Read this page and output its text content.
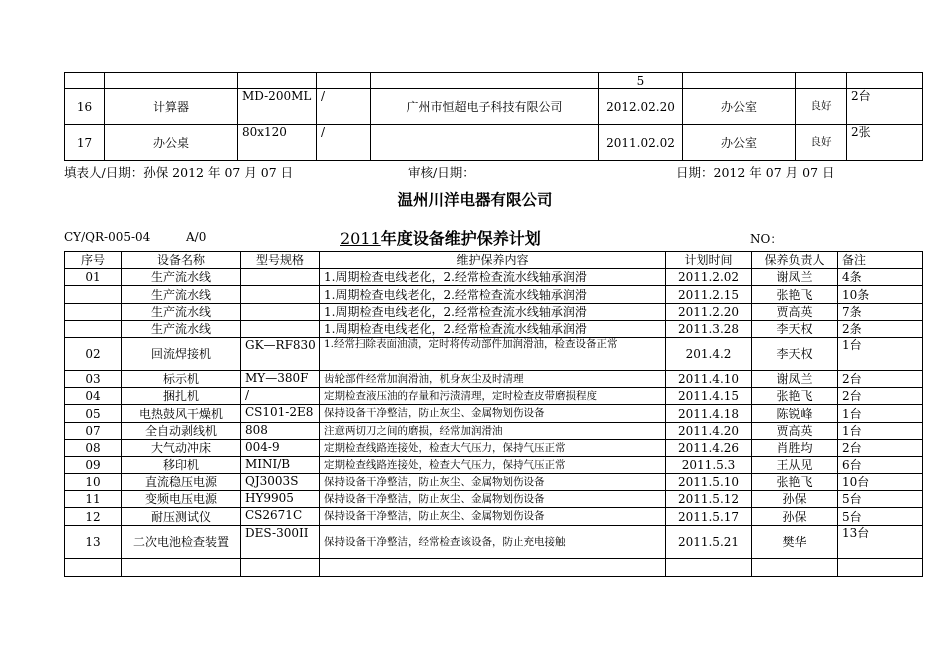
					5			
16	计算器	MD-200ML	/	广州市恒超电子科技有限公司	2012.02.20	办公室	良好	2台
17	办公桌	80x120	/		2011.02.02	办公室	良好	2张
填表人/日期：孙保 2012 年 07 月 07 日	审核/日期：	日期：2012 年 07 月 07 日
温州川洋电器有限公司
CY/QR-005-04	A/0	2011年度设备维护保养计划	NO：
序号	设备名称	型号规格	维护保养内容	计划时间	保养负责人	备注
01	生产流水线		1.周期检查电线老化，2.经常检查流水线轴承润滑	2011.2.02	谢凤兰	4条
	生产流水线		1.周期检查电线老化，2.经常检查流水线轴承润滑	2011.2.15	张艳飞	10条
	生产流水线		1.周期检查电线老化，2.经常检查流水线轴承润滑	2011.2.20	贾高英	7条
	生产流水线		1.周期检查电线老化，2.经常检查流水线轴承润滑	2011.3.28	李天权	2条
02	回流焊接机	GK—RF830	1.经常扫除表面油渍，定时将传动部件加润滑油，检查设备正常	201.4.2	李天权	1台
03	标示机	MY—380F	齿轮部件经常加润滑油，机身灰尘及时清理	2011.4.10	谢凤兰	2台
04	捆扎机	/	定期检查液压油的存量和污渍清理，定时检查皮带磨损程度	2011.4.15	张艳飞	2台
05	电热鼓风干燥机	CS101-2E8	保持设备干净整洁，防止灰尘、金属物划伤设备	2011.4.18	陈锐峰	1台
07	全自动剥线机	808	注意两切刀之间的磨损，经常加润滑油	2011.4.20	贾高英	1台
08	大气动冲床	004-9	定期检查线路连接处，检查大气压力，保持气压正常	2011.4.26	肖胜均	2台
09	移印机	MINI/B	定期检查线路连接处，检查大气压力，保持气压正常	2011.5.3	王从见	6台
10	直流稳压电源	QJ3003S	保持设备干净整洁，防止灰尘、金属物划伤设备	2011.5.10	张艳飞	10台
11	变频电压电源	HY9905	保持设备干净整洁，防止灰尘、金属物划伤设备	2011.5.12	孙保	5台
12	耐压测试仪	CS2671C	保持设备干净整洁，防止灰尘、金属物划伤设备	2011.5.17	孙保	5台
13	二次电池检查装置	DES-300II	保持设备干净整洁，经常检查该设备，防止充电接触	2011.5.21	樊华	13台
